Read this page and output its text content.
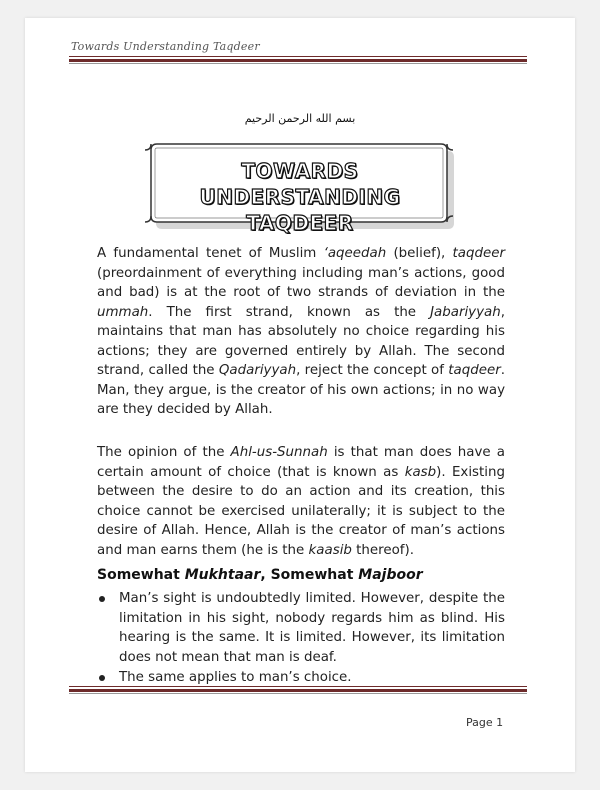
Towards Understanding Taqdeer
بسم الله الرحمن الرحيم
TOWARDS UNDERSTANDING
TAQDEER
A fundamental tenet of Muslim ‘aqeedah (belief), taqdeer (preordainment of everything including man’s actions, good and bad) is at the root of two strands of deviation in the ummah. The first strand, known as the Jabariyyah, maintains that man has absolutely no choice regarding his actions; they are governed entirely by Allah. The second strand, called the Qadariyyah, reject the concept of taqdeer. Man, they argue, is the creator of his own actions; in no way are they decided by Allah.
The opinion of the Ahl-us-Sunnah is that man does have a certain amount of choice (that is known as kasb). Existing between the desire to do an action and its creation, this choice cannot be exercised unilaterally; it is subject to the desire of Allah. Hence, Allah is the creator of man’s actions and man earns them (he is the kaasib thereof).
Somewhat Mukhtaar, Somewhat Majboor
Man’s sight is undoubtedly limited. However, despite the limitation in his sight, nobody regards him as blind. His hearing is the same. It is limited. However, its limitation does not mean that man is deaf.
The same applies to man’s choice.
Page 1
